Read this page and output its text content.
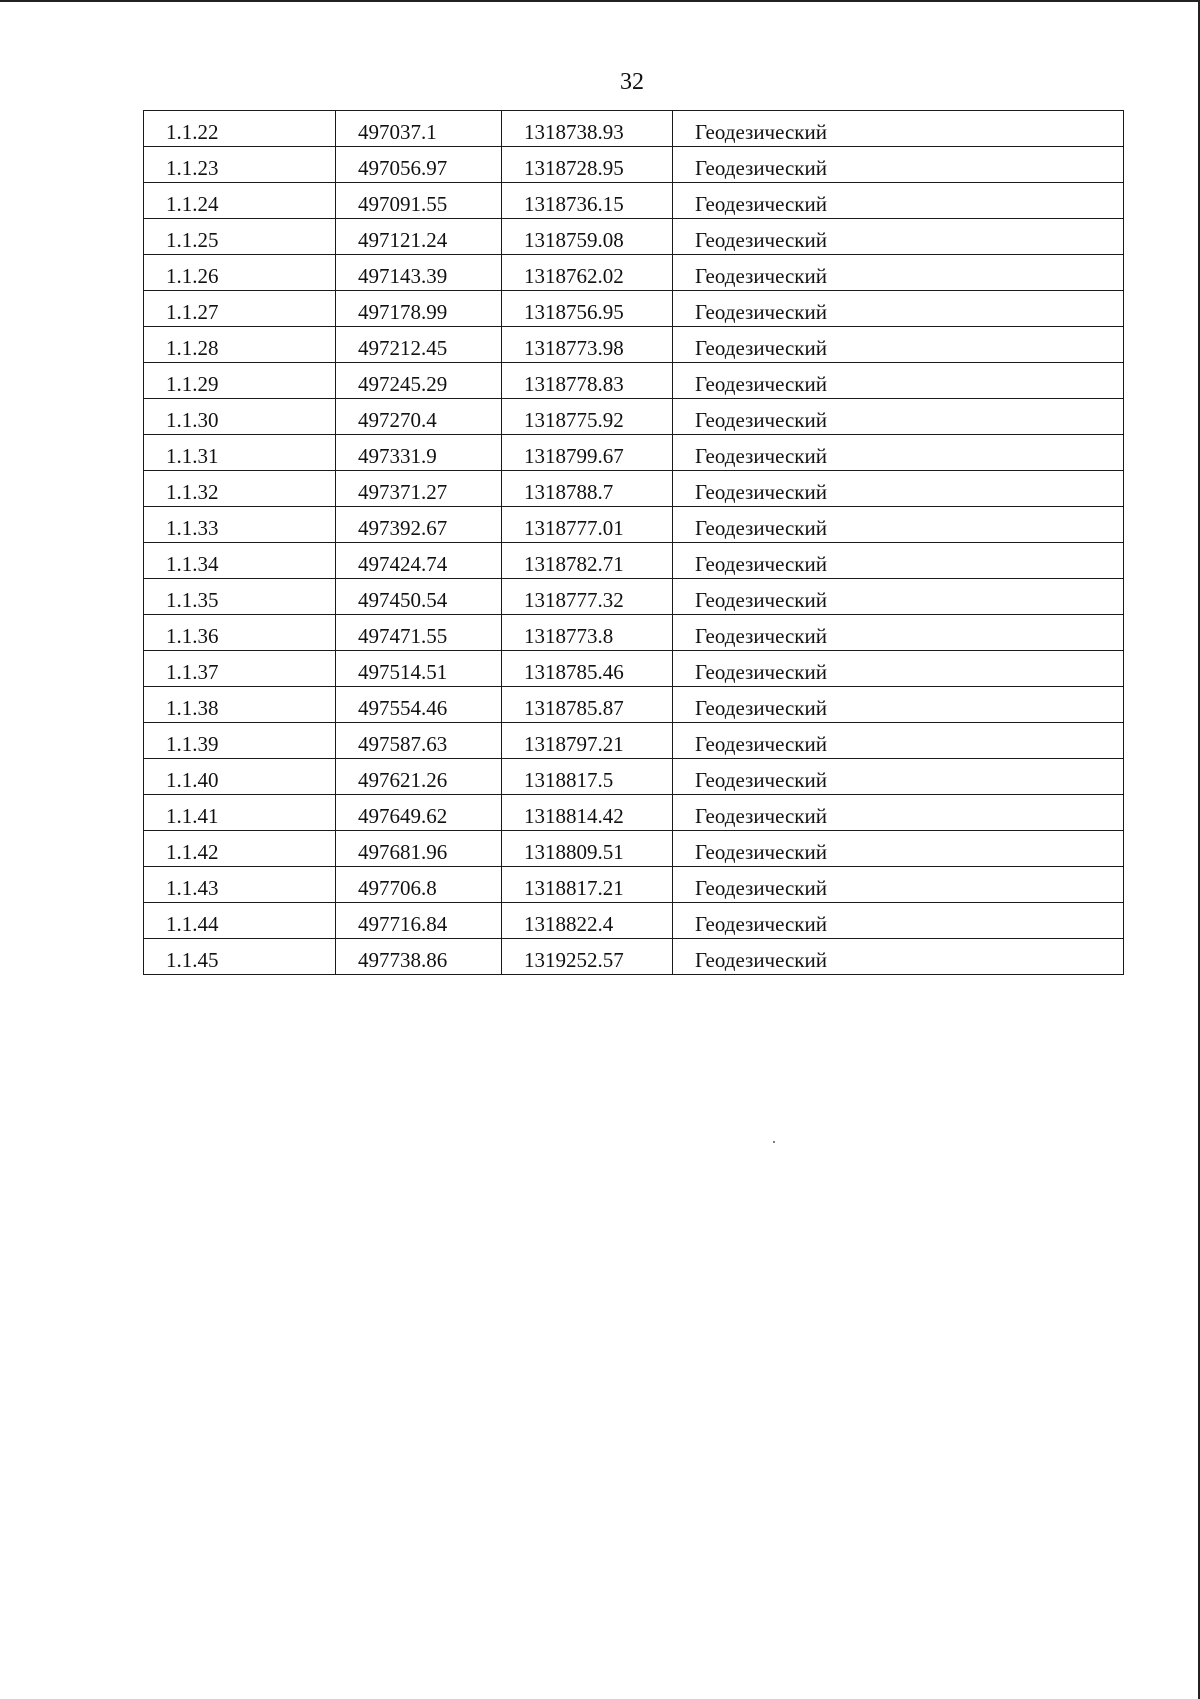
32
1.1.22	497037.1	1318738.93	Геодезический
1.1.23	497056.97	1318728.95	Геодезический
1.1.24	497091.55	1318736.15	Геодезический
1.1.25	497121.24	1318759.08	Геодезический
1.1.26	497143.39	1318762.02	Геодезический
1.1.27	497178.99	1318756.95	Геодезический
1.1.28	497212.45	1318773.98	Геодезический
1.1.29	497245.29	1318778.83	Геодезический
1.1.30	497270.4	1318775.92	Геодезический
1.1.31	497331.9	1318799.67	Геодезический
1.1.32	497371.27	1318788.7	Геодезический
1.1.33	497392.67	1318777.01	Геодезический
1.1.34	497424.74	1318782.71	Геодезический
1.1.35	497450.54	1318777.32	Геодезический
1.1.36	497471.55	1318773.8	Геодезический
1.1.37	497514.51	1318785.46	Геодезический
1.1.38	497554.46	1318785.87	Геодезический
1.1.39	497587.63	1318797.21	Геодезический
1.1.40	497621.26	1318817.5	Геодезический
1.1.41	497649.62	1318814.42	Геодезический
1.1.42	497681.96	1318809.51	Геодезический
1.1.43	497706.8	1318817.21	Геодезический
1.1.44	497716.84	1318822.4	Геодезический
1.1.45	497738.86	1319252.57	Геодезический
